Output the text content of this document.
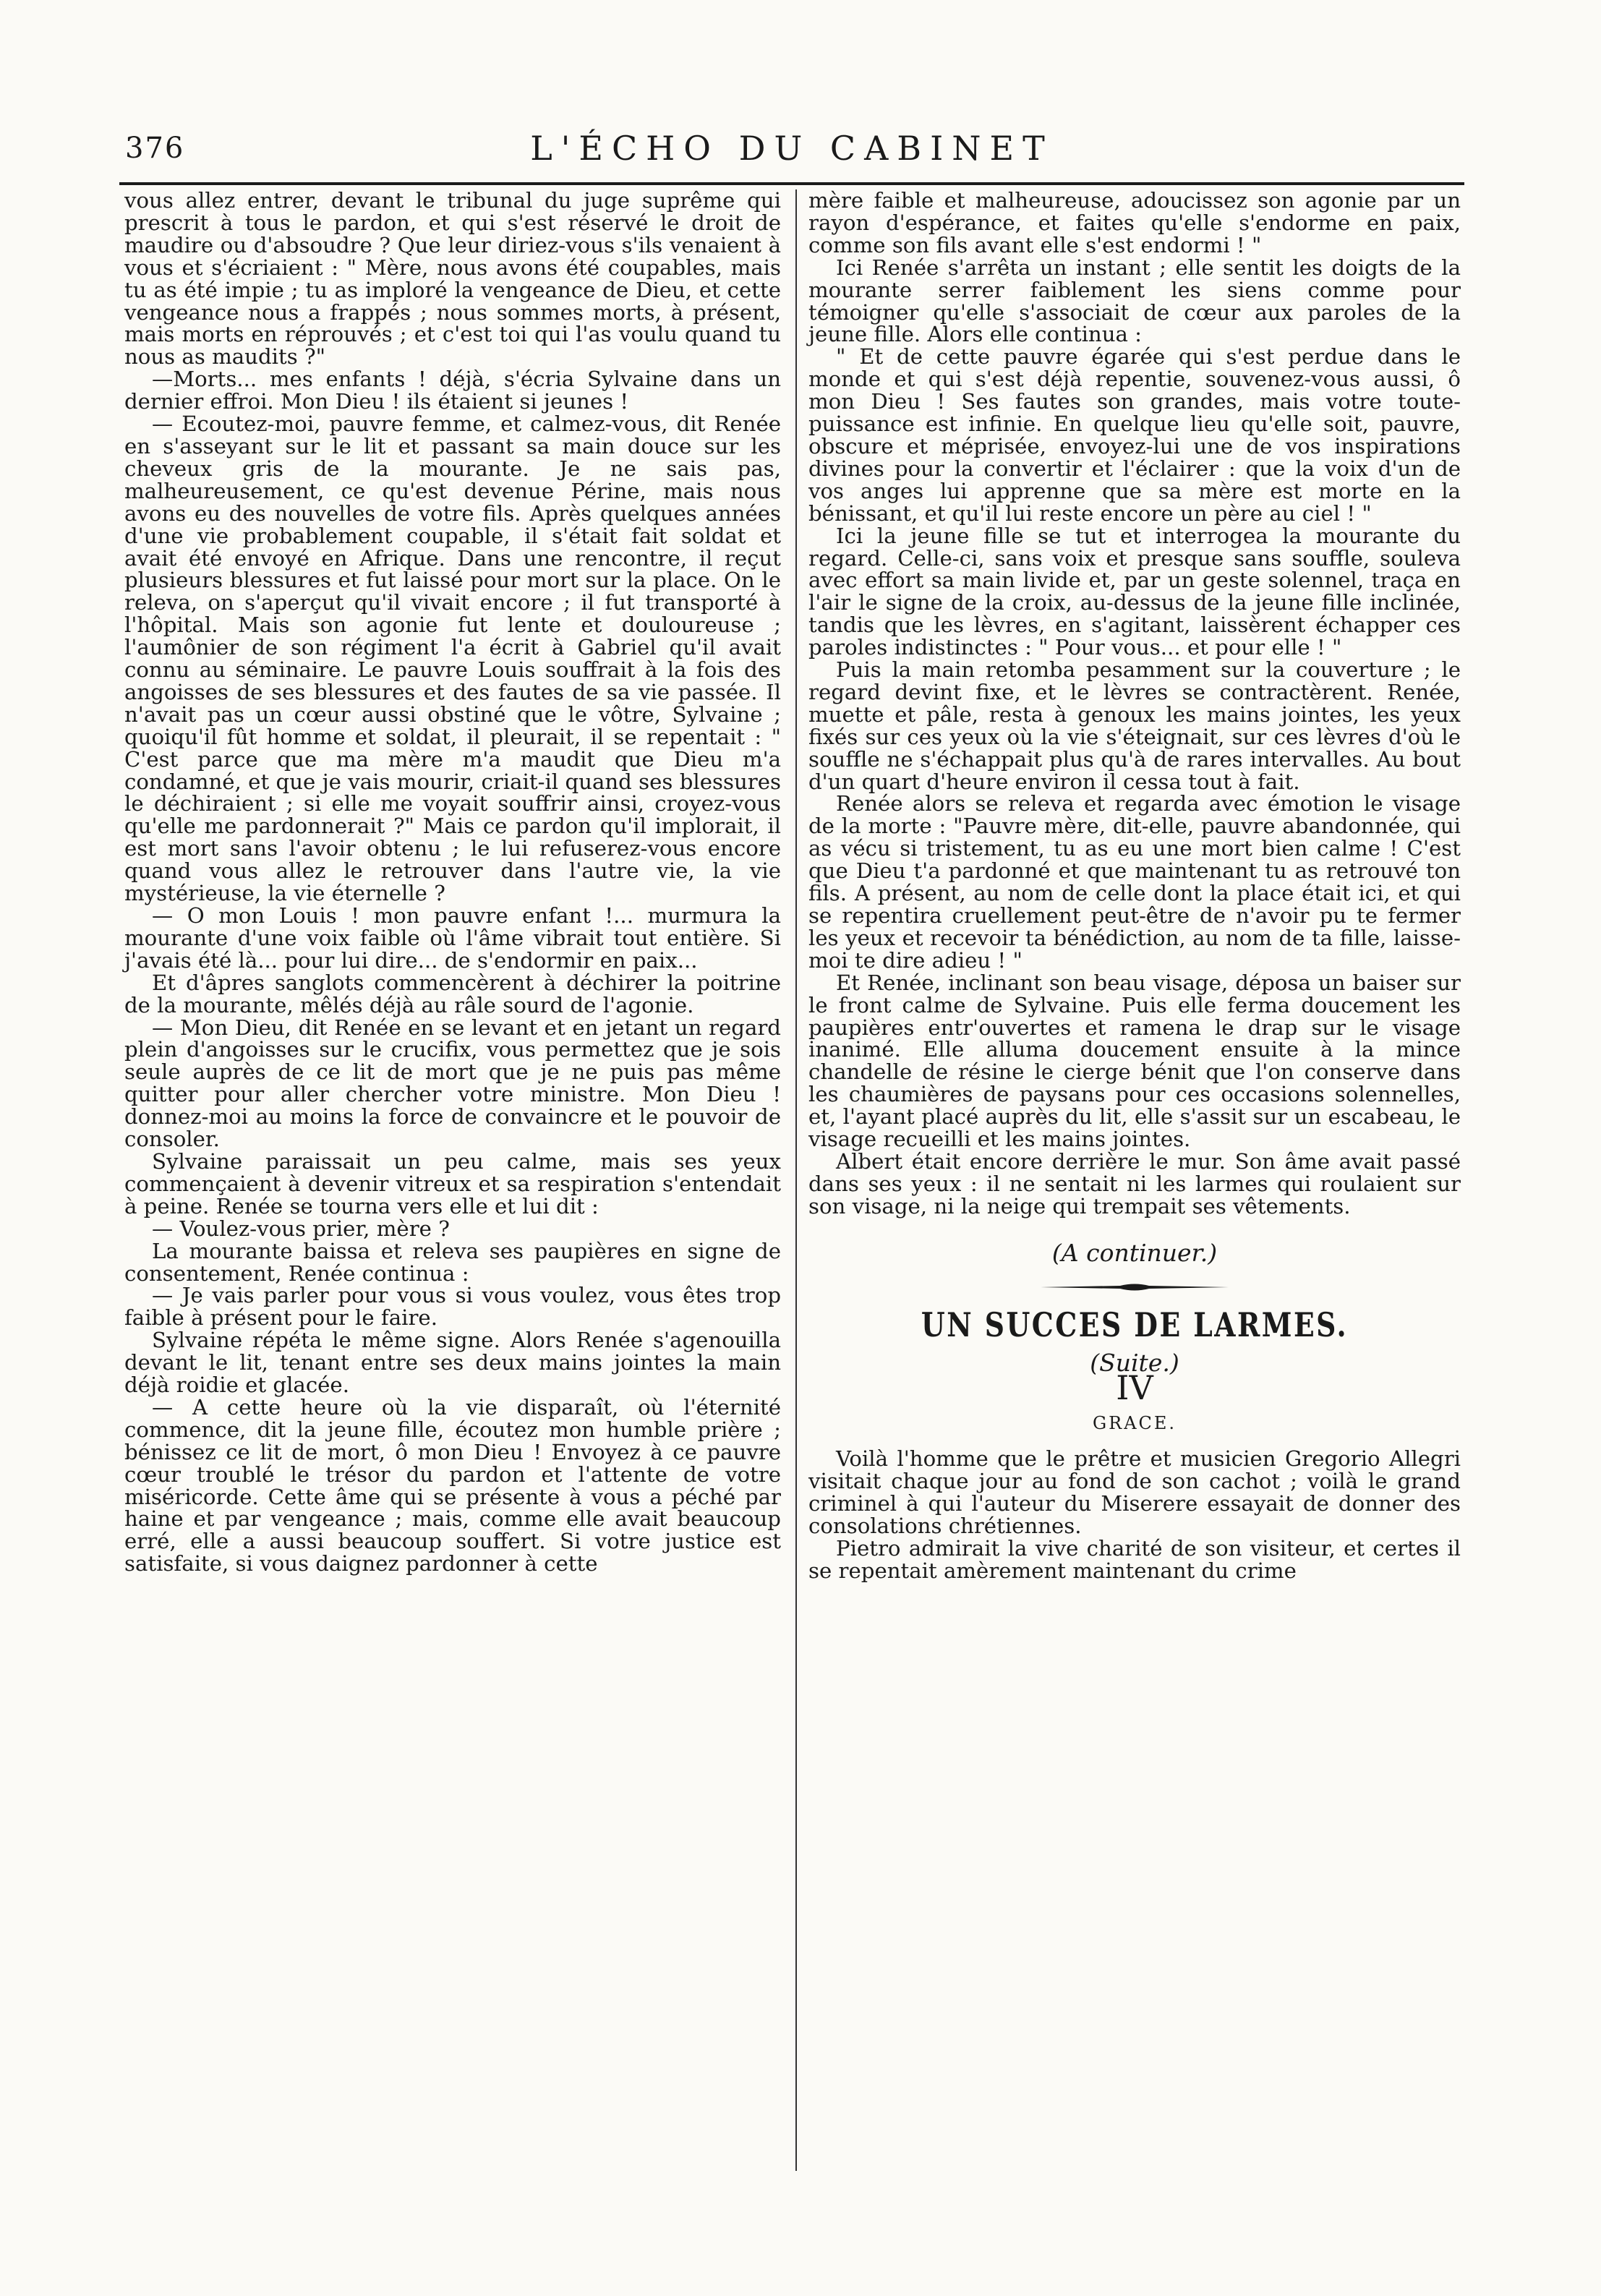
376	L'ÉCHO DU CABINET

vous allez entrer, devant le tribunal du juge suprême qui prescrit à tous le pardon, et qui s'est réservé le droit de maudire ou d'absoudre ? Que leur diriez-vous s'ils venaient à vous et s'écriaient : " Mère, nous avons été coupables, mais tu as été impie ; tu as imploré la vengeance de Dieu, et cette vengeance nous a frappés ; nous sommes morts, à présent, mais morts en réprouvés ; et c'est toi qui l'as voulu quand tu nous as maudits ?"

—Morts... mes enfants ! déjà, s'écria Sylvaine dans un dernier effroi. Mon Dieu ! ils étaient si jeunes !

— Ecoutez-moi, pauvre femme, et calmez-vous, dit Renée en s'asseyant sur le lit et passant sa main douce sur les cheveux gris de la mourante. Je ne sais pas, malheureusement, ce qu'est devenue Périne, mais nous avons eu des nouvelles de votre fils. Après quelques années d'une vie probablement coupable, il s'était fait soldat et avait été envoyé en Afrique. Dans une rencontre, il reçut plusieurs blessures et fut laissé pour mort sur la place. On le releva, on s'aperçut qu'il vivait encore ; il fut transporté à l'hôpital. Mais son agonie fut lente et douloureuse ; l'aumônier de son régiment l'a écrit à Gabriel qu'il avait connu au séminaire. Le pauvre Louis souffrait à la fois des angoisses de ses blessures et des fautes de sa vie passée. Il n'avait pas un cœur aussi obstiné que le vôtre, Sylvaine ; quoiqu'il fût homme et soldat, il pleurait, il se repentait : " C'est parce que ma mère m'a maudit que Dieu m'a condamné, et que je vais mourir, criait-il quand ses blessures le déchiraient ; si elle me voyait souffrir ainsi, croyez-vous qu'elle me pardonnerait ?" Mais ce pardon qu'il implorait, il est mort sans l'avoir obtenu ; le lui refuserez-vous encore quand vous allez le retrouver dans l'autre vie, la vie mystérieuse, la vie éternelle ?

— O mon Louis ! mon pauvre enfant !... murmura la mourante d'une voix faible où l'âme vibrait tout entière. Si j'avais été là... pour lui dire... de s'endormir en paix...

Et d'âpres sanglots commencèrent à déchirer la poitrine de la mourante, mêlés déjà au râle sourd de l'agonie.

— Mon Dieu, dit Renée en se levant et en jetant un regard plein d'angoisses sur le crucifix, vous permettez que je sois seule auprès de ce lit de mort que je ne puis pas même quitter pour aller chercher votre ministre. Mon Dieu ! donnez-moi au moins la force de convaincre et le pouvoir de consoler.

Sylvaine paraissait un peu calme, mais ses yeux commençaient à devenir vitreux et sa respiration s'entendait à peine. Renée se tourna vers elle et lui dit :

— Voulez-vous prier, mère ?

La mourante baissa et releva ses paupières en signe de consentement, Renée continua :

— Je vais parler pour vous si vous voulez, vous êtes trop faible à présent pour le faire.

Sylvaine répéta le même signe. Alors Renée s'agenouilla devant le lit, tenant entre ses deux mains jointes la main déjà roidie et glacée.

— A cette heure où la vie disparaît, où l'éternité commence, dit la jeune fille, écoutez mon humble prière ; bénissez ce lit de mort, ô mon Dieu ! Envoyez à ce pauvre cœur troublé le trésor du pardon et l'attente de votre miséricorde. Cette âme qui se présente à vous a péché par haine et par vengeance ; mais, comme elle avait beaucoup erré, elle a aussi beaucoup souffert. Si votre justice est satisfaite, si vous daignez pardonner à cette

mère faible et malheureuse, adoucissez son agonie par un rayon d'espérance, et faites qu'elle s'endorme en paix, comme son fils avant elle s'est endormi ! "

Ici Renée s'arrêta un instant ; elle sentit les doigts de la mourante serrer faiblement les siens comme pour témoigner qu'elle s'associait de cœur aux paroles de la jeune fille. Alors elle continua :

" Et de cette pauvre égarée qui s'est perdue dans le monde et qui s'est déjà repentie, souvenez-vous aussi, ô mon Dieu ! Ses fautes son grandes, mais votre toute-puissance est infinie. En quelque lieu qu'elle soit, pauvre, obscure et méprisée, envoyez-lui une de vos inspirations divines pour la convertir et l'éclairer : que la voix d'un de vos anges lui apprenne que sa mère est morte en la bénissant, et qu'il lui reste encore un père au ciel ! "

Ici la jeune fille se tut et interrogea la mourante du regard. Celle-ci, sans voix et presque sans souffle, souleva avec effort sa main livide et, par un geste solennel, traça en l'air le signe de la croix, au-dessus de la jeune fille inclinée, tandis que les lèvres, en s'agitant, laissèrent échapper ces paroles indistinctes : " Pour vous... et pour elle ! "

Puis la main retomba pesamment sur la couverture ; le regard devint fixe, et le lèvres se contractèrent. Renée, muette et pâle, resta à genoux les mains jointes, les yeux fixés sur ces yeux où la vie s'éteignait, sur ces lèvres d'où le souffle ne s'échappait plus qu'à de rares intervalles. Au bout d'un quart d'heure environ il cessa tout à fait.

Renée alors se releva et regarda avec émotion le visage de la morte : "Pauvre mère, dit-elle, pauvre abandonnée, qui as vécu si tristement, tu as eu une mort bien calme ! C'est que Dieu t'a pardonné et que maintenant tu as retrouvé ton fils. A présent, au nom de celle dont la place était ici, et qui se repentira cruellement peut-être de n'avoir pu te fermer les yeux et recevoir ta bénédiction, au nom de ta fille, laisse-moi te dire adieu ! "

Et Renée, inclinant son beau visage, déposa un baiser sur le front calme de Sylvaine. Puis elle ferma doucement les paupières entr'ouvertes et ramena le drap sur le visage inanimé. Elle alluma doucement ensuite à la mince chandelle de résine le cierge bénit que l'on conserve dans les chaumières de paysans pour ces occasions solennelles, et, l'ayant placé auprès du lit, elle s'assit sur un escabeau, le visage recueilli et les mains jointes.

Albert était encore derrière le mur. Son âme avait passé dans ses yeux : il ne sentait ni les larmes qui roulaient sur son visage, ni la neige qui trempait ses vêtements.

(A continuer.)

UN SUCCES DE LARMES.
(Suite.)
IV
GRACE.

Voilà l'homme que le prêtre et musicien Gregorio Allegri visitait chaque jour au fond de son cachot ; voilà le grand criminel à qui l'auteur du Miserere essayait de donner des consolations chrétiennes.

Pietro admirait la vive charité de son visiteur, et certes il se repentait amèrement maintenant du crime
